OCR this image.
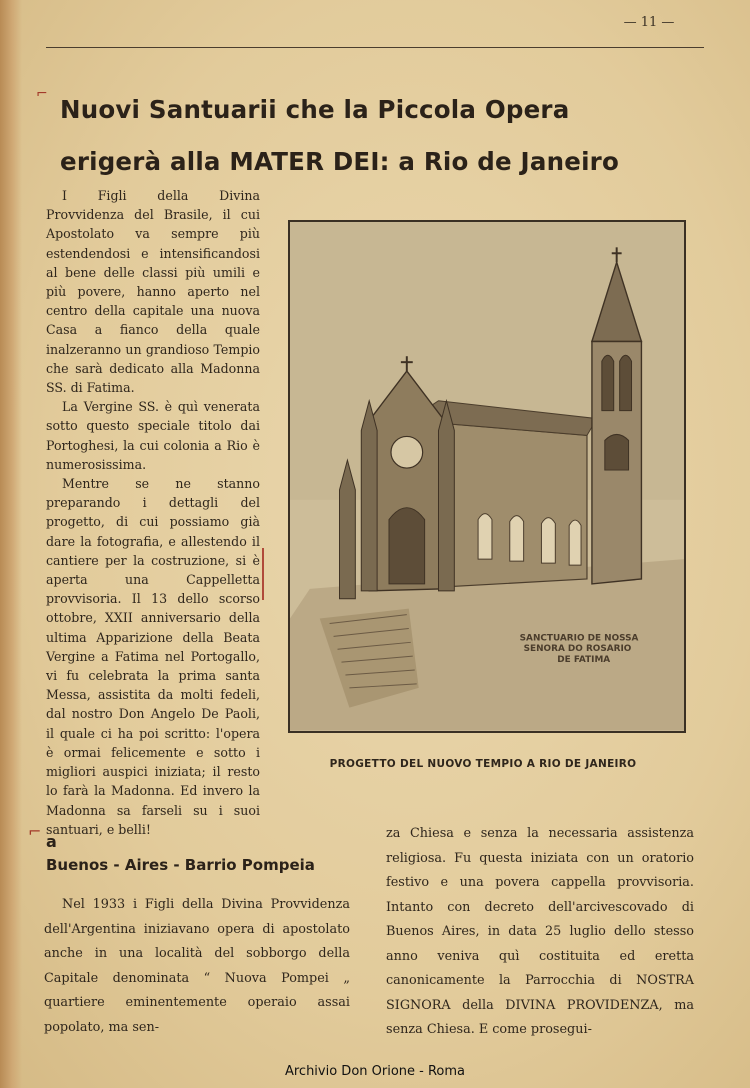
— 11 —
⌐
⌐
Nuovi Santuarii che la Piccola Opera
erigerà alla MATER DEI: a Rio de Janeiro

I Figli della Divina Provvidenza del Brasile, il cui Apostolato va sempre più estendendosi e intensificandosi al bene delle classi più umili e più povere, hanno aperto nel centro della capitale una nuova Casa a fianco della quale inalzeranno un grandioso Tempio che sarà dedicato alla Madonna SS. di Fatima.

La Vergine SS. è quì venerata sotto questo speciale titolo dai Portoghesi, la cui colonia a Rio è numerosissima.

Mentre se ne stanno preparando i dettagli del progetto, di cui possiamo già dare la fotografia, e allestendo il cantiere per la costruzione, si è aperta una Cappelletta provvisoria. Il 13 dello scorso ottobre, XXII anniversario della ultima Apparizione della Beata Vergine a Fatima nel Portogallo, vi fu celebrata la prima santa Messa, assistita da molti fedeli, dal nostro Don Angelo De Paoli, il quale ci ha poi scritto: l'opera è ormai felicemente e sotto i migliori auspici iniziata; il resto lo farà la Madonna. Ed invero la Madonna sa farseli su i suoi santuari, e belli!

SANCTUARIO DE NOSSA
SENORA DO ROSARIO
DE FATIMA
PROGETTO DEL NUOVO TEMPIO A RIO DE JANEIRO
a
Buenos - Aires - Barrio Pompeia

Nel 1933 i Figli della Divina Provvidenza dell'Argentina iniziavano opera di apostolato anche in una località del sobborgo della Capitale denominata “ Nuova Pompei „ quartiere eminentemente operaio assai popolato, ma sen-

za Chiesa e senza la necessaria assistenza religiosa. Fu questa iniziata con un oratorio festivo e una povera cappella provvisoria. Intanto con decreto dell'arcivescovado di Buenos Aires, in data 25 luglio dello stesso anno veniva quì costituita ed eretta canonicamente la Parrocchia di NOSTRA SIGNORA della DIVINA PROVIDENZA, ma senza Chiesa. E come prosegui-

Archivio Don Orione - Roma
